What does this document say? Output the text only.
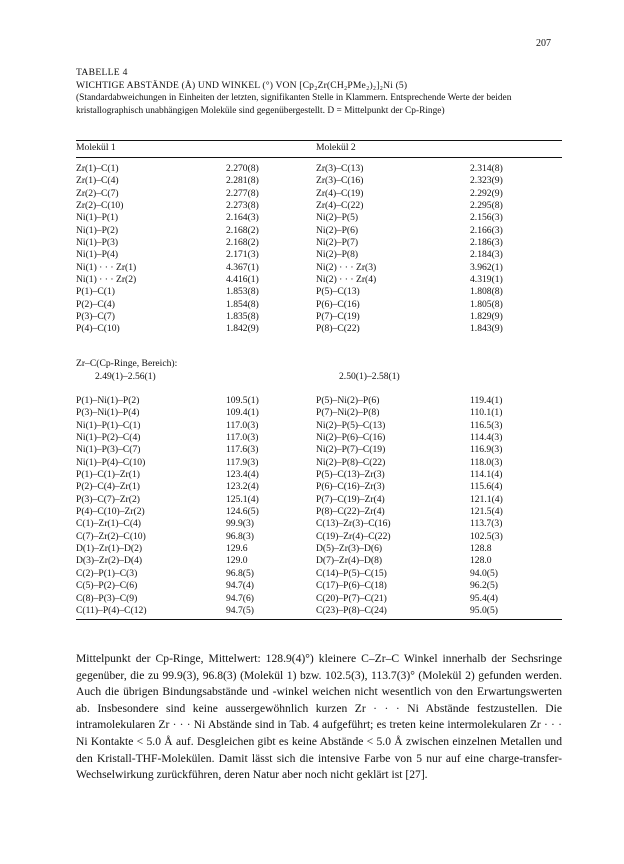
207
TABELLE 4
WICHTIGE ABSTÄNDE (Å) UND WINKEL (°) VON [Cp₂Zr(CH₂PMe₂)₂]₂Ni (5)
(Standardabweichungen in Einheiten der letzten, signifikanten Stelle in Klammern. Entsprechende Werte der beiden kristallographisch unabhängigen Moleküle sind gegenübergestellt. D = Mittelpunkt der Cp-Ringe)
Molekül 1	Molekül 2
Zr(1)–C(1)	2.270(8)	Zr(3)–C(13)	2.314(8)
Zr(1)–C(4)	2.281(8)	Zr(3)–C(16)	2.323(9)
Zr(2)–C(7)	2.277(8)	Zr(4)–C(19)	2.292(9)
Zr(2)–C(10)	2.273(8)	Zr(4)–C(22)	2.295(8)
Ni(1)–P(1)	2.164(3)	Ni(2)–P(5)	2.156(3)
Ni(1)–P(2)	2.168(2)	Ni(2)–P(6)	2.166(3)
Ni(1)–P(3)	2.168(2)	Ni(2)–P(7)	2.186(3)
Ni(1)–P(4)	2.171(3)	Ni(2)–P(8)	2.184(3)
Ni(1) · · · Zr(1)	4.367(1)	Ni(2) · · · Zr(3)	3.962(1)
Ni(1) · · · Zr(2)	4.416(1)	Ni(2) · · · Zr(4)	4.319(1)
P(1)–C(1)	1.853(8)	P(5)–C(13)	1.808(8)
P(2)–C(4)	1.854(8)	P(6)–C(16)	1.805(8)
P(3)–C(7)	1.835(8)	P(7)–C(19)	1.829(9)
P(4)–C(10)	1.842(9)	P(8)–C(22)	1.843(9)
Zr–C(Cp-Ringe, Bereich):
2.49(1)–2.56(1)	2.50(1)–2.58(1)
P(1)–Ni(1)–P(2)	109.5(1)	P(5)–Ni(2)–P(6)	119.4(1)
P(3)–Ni(1)–P(4)	109.4(1)	P(7)–Ni(2)–P(8)	110.1(1)
Ni(1)–P(1)–C(1)	117.0(3)	Ni(2)–P(5)–C(13)	116.5(3)
Ni(1)–P(2)–C(4)	117.0(3)	Ni(2)–P(6)–C(16)	114.4(3)
Ni(1)–P(3)–C(7)	117.6(3)	Ni(2)–P(7)–C(19)	116.9(3)
Ni(1)–P(4)–C(10)	117.9(3)	Ni(2)–P(8)–C(22)	118.0(3)
P(1)–C(1)–Zr(1)	123.4(4)	P(5)–C(13)–Zr(3)	114.1(4)
P(2)–C(4)–Zr(1)	123.2(4)	P(6)–C(16)–Zr(3)	115.6(4)
P(3)–C(7)–Zr(2)	125.1(4)	P(7)–C(19)–Zr(4)	121.1(4)
P(4)–C(10)–Zr(2)	124.6(5)	P(8)–C(22)–Zr(4)	121.5(4)
C(1)–Zr(1)–C(4)	99.9(3)	C(13)–Zr(3)–C(16)	113.7(3)
C(7)–Zr(2)–C(10)	96.8(3)	C(19)–Zr(4)–C(22)	102.5(3)
D(1)–Zr(1)–D(2)	129.6	D(5)–Zr(3)–D(6)	128.8
D(3)–Zr(2)–D(4)	129.0	D(7)–Zr(4)–D(8)	128.0
C(2)–P(1)–C(3)	96.8(5)	C(14)–P(5)–C(15)	94.0(5)
C(5)–P(2)–C(6)	94.7(4)	C(17)–P(6)–C(18)	96.2(5)
C(8)–P(3)–C(9)	94.7(6)	C(20)–P(7)–C(21)	95.4(4)
C(11)–P(4)–C(12)	94.7(5)	C(23)–P(8)–C(24)	95.0(5)
Mittelpunkt der Cp-Ringe, Mittelwert: 128.9(4)°) kleinere C–Zr–C Winkel innerhalb der Sechsringe gegenüber, die zu 99.9(3), 96.8(3) (Molekül 1) bzw. 102.5(3), 113.7(3)° (Molekül 2) gefunden werden. Auch die übrigen Bindungsabstände und -winkel weichen nicht wesentlich von den Erwartungswerten ab. Insbesondere sind keine aussergewöhnlich kurzen Zr · · · Ni Abstände festzustellen. Die intramolekularen Zr · · · Ni Abstände sind in Tab. 4 aufgeführt; es treten keine intermolekularen Zr · · · Ni Kontakte < 5.0 Å auf. Desgleichen gibt es keine Abstände < 5.0 Å zwischen einzelnen Metallen und den Kristall-THF-Molekülen. Damit lässt sich die intensive Farbe von 5 nur auf eine charge-transfer-Wechselwirkung zurückführen, deren Natur aber noch nicht geklärt ist [27].
